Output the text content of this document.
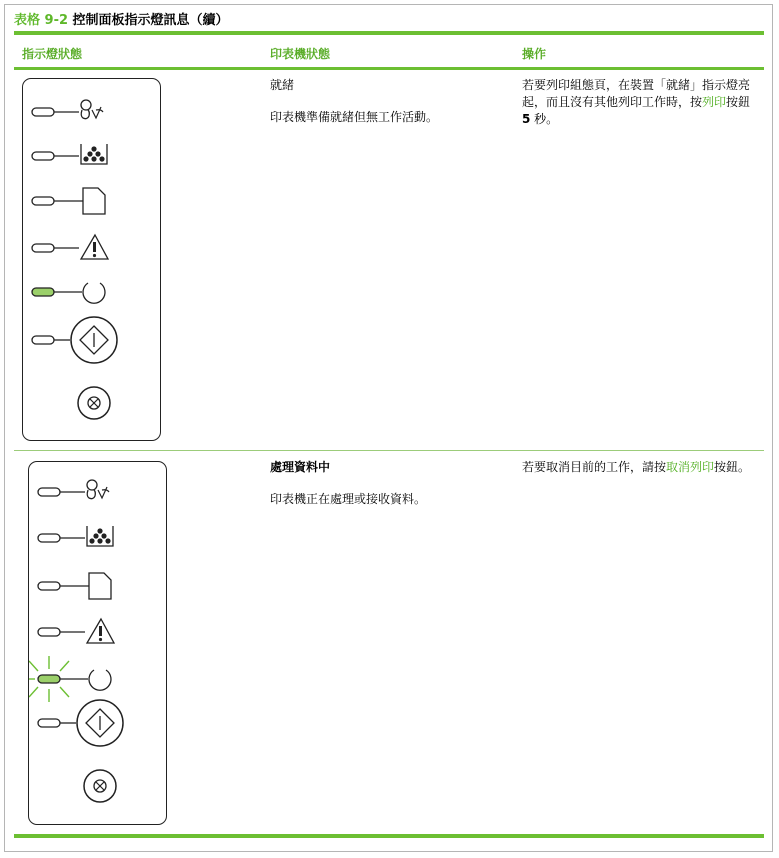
表格 9-2 控制面板指示燈訊息（續）
指示燈狀態	印表機狀態	操作
就緒
印表機準備就緒但無工作活動。
若要列印組態頁，在裝置「就緒」指示燈亮起，而且沒有其他列印工作時，按列印按鈕 5 秒。
處理資料中
印表機正在處理或接收資料。
若要取消目前的工作，請按取消列印按鈕。
